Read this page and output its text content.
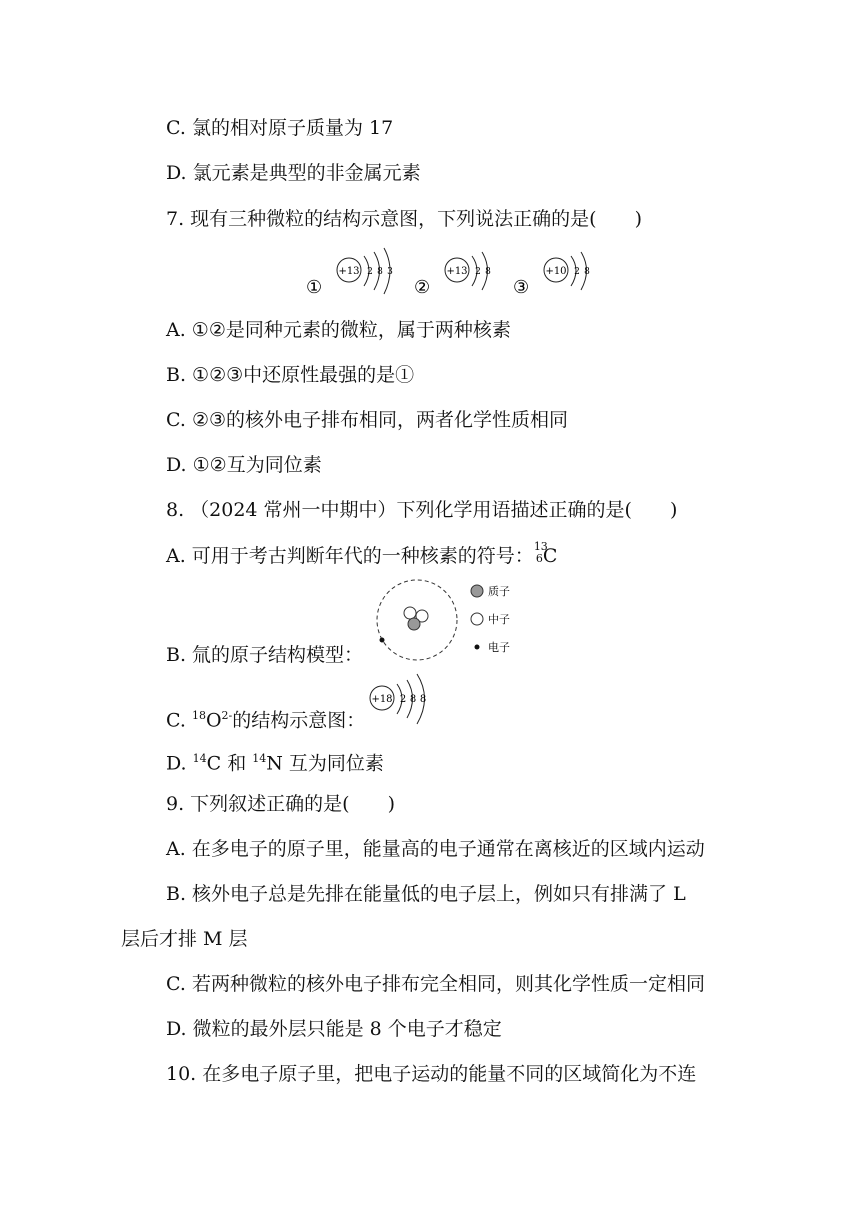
C. 氯的相对原子质量为 17
D. 氯元素是典型的非金属元素
7. 现有三种微粒的结构示意图，下列说法正确的是(　　)
①
+13 2 8 3
②
+13 2 8
③
+10 2 8
A. ①②是同种元素的微粒，属于两种核素
B. ①②③中还原性最强的是①
C. ②③的核外电子排布相同，两者化学性质相同
D. ①②互为同位素
8. （2024 常州一中期中）下列化学用语描述正确的是(　　)
A. 可用于考古判断年代的一种核素的符号： 13
6 C
质子
中子
电子
B. 氚的原子结构模型：
+18 2 8 8
C. $^{18}O^{2-}$的结构示意图：
D. $^{14}$C 和 $^{14}$N 互为同位素
9. 下列叙述正确的是(　　)
A. 在多电子的原子里，能量高的电子通常在离核近的区域内运动
B. 核外电子总是先排在能量低的电子层上，例如只有排满了 L
层后才排 M 层
C. 若两种微粒的核外电子排布完全相同，则其化学性质一定相同
D. 微粒的最外层只能是 8 个电子才稳定
10. 在多电子原子里，把电子运动的能量不同的区域简化为不连
